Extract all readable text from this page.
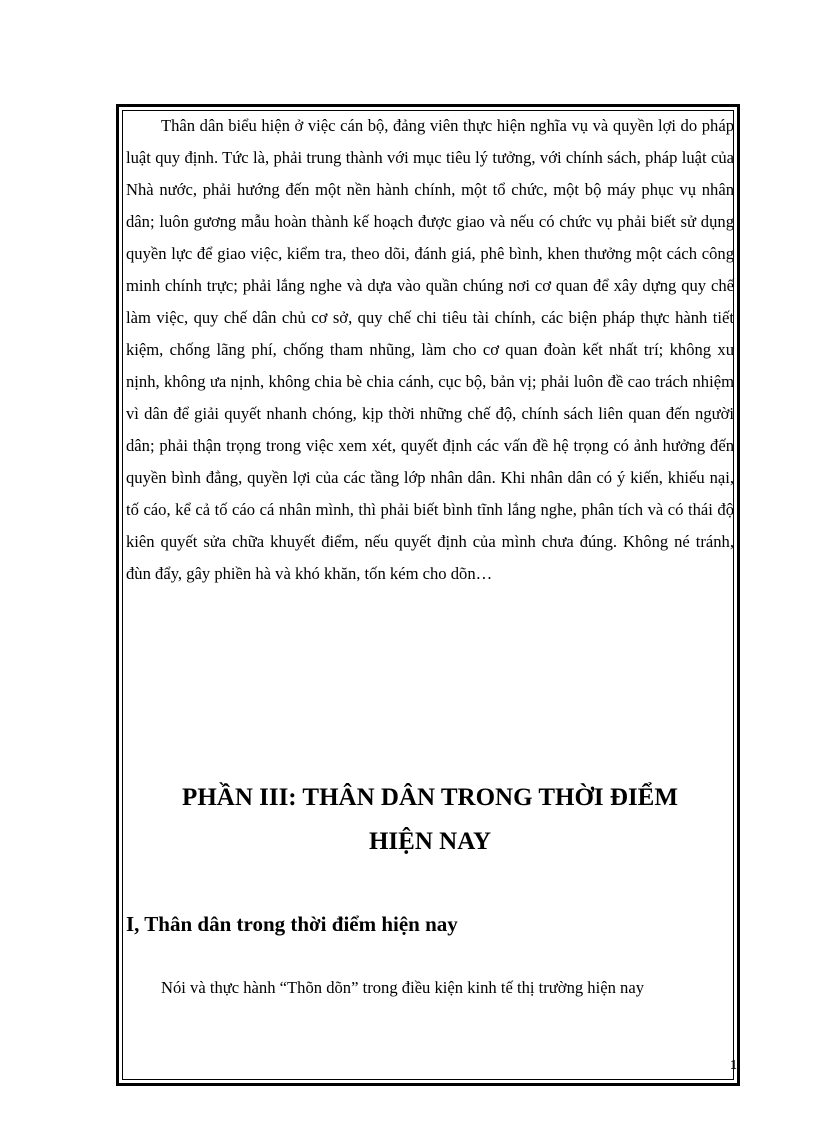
Thân dân biểu hiện ở việc cán bộ, đảng viên thực hiện nghĩa vụ và quyền lợi do pháp luật quy định. Tức là, phải trung thành với mục tiêu lý tưởng, với chính sách, pháp luật của Nhà nước, phải hướng đến một nền hành chính, một tổ chức, một bộ máy phục vụ nhân dân; luôn gương mẫu hoàn thành kế hoạch được giao và nếu có chức vụ phải biết sử dụng quyền lực để giao việc, kiểm tra, theo dõi, đánh giá, phê bình, khen thưởng một cách công minh chính trực; phải lắng nghe và dựa vào quần chúng nơi cơ quan để xây dựng quy chế làm việc, quy chế dân chủ cơ sở, quy chế chi tiêu tài chính, các biện pháp thực hành tiết kiệm, chống lãng phí, chống tham nhũng, làm cho cơ quan đoàn kết nhất trí; không xu nịnh, không ưa nịnh, không chia bè chia cánh, cục bộ, bản vị; phải luôn đề cao trách nhiệm vì dân để giải quyết nhanh chóng, kịp thời những chế độ, chính sách liên quan đến người dân; phải thận trọng trong việc xem xét, quyết định các vấn đề hệ trọng có ảnh hưởng đến quyền bình đẳng, quyền lợi của các tầng lớp nhân dân. Khi nhân dân có ý kiến, khiếu nại, tố cáo, kể cả tố cáo cá nhân mình, thì phải biết bình tĩnh lắng nghe, phân tích và có thái độ kiên quyết sửa chữa khuyết điểm, nếu quyết định của mình chưa đúng. Không né tránh, đùn đẩy, gây phiền hà và khó khăn, tốn kém cho dõn…

PHẦN III: THÂN DÂN TRONG THỜI ĐIỂM

HIỆN NAY

I, Thân dân trong thời điểm hiện nay

Nói và thực hành “Thõn dõn” trong điều kiện kinh tế thị trường hiện nay

1
